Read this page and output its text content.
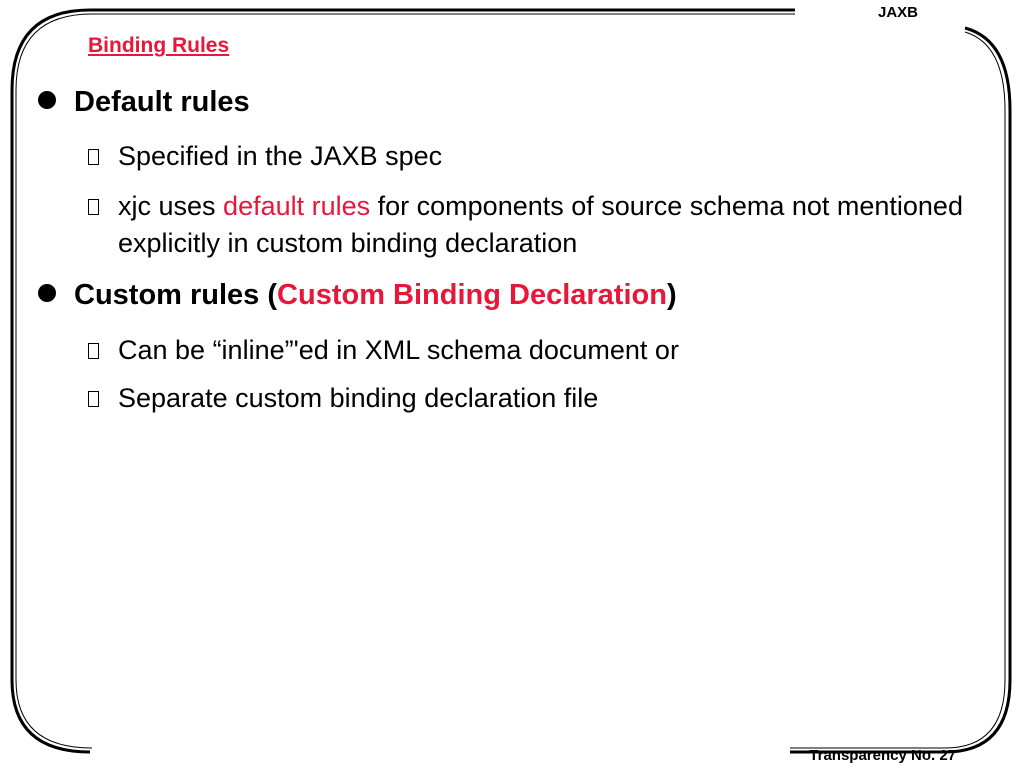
JAXB
Binding Rules
Default rules
Specified in the JAXB spec
xjc uses default rules for components of source schema not mentioned explicitly in custom binding declaration
Custom rules (Custom Binding Declaration)
Can be “inline”'ed in XML schema document or
Separate custom binding declaration file
Transparency No. 27
